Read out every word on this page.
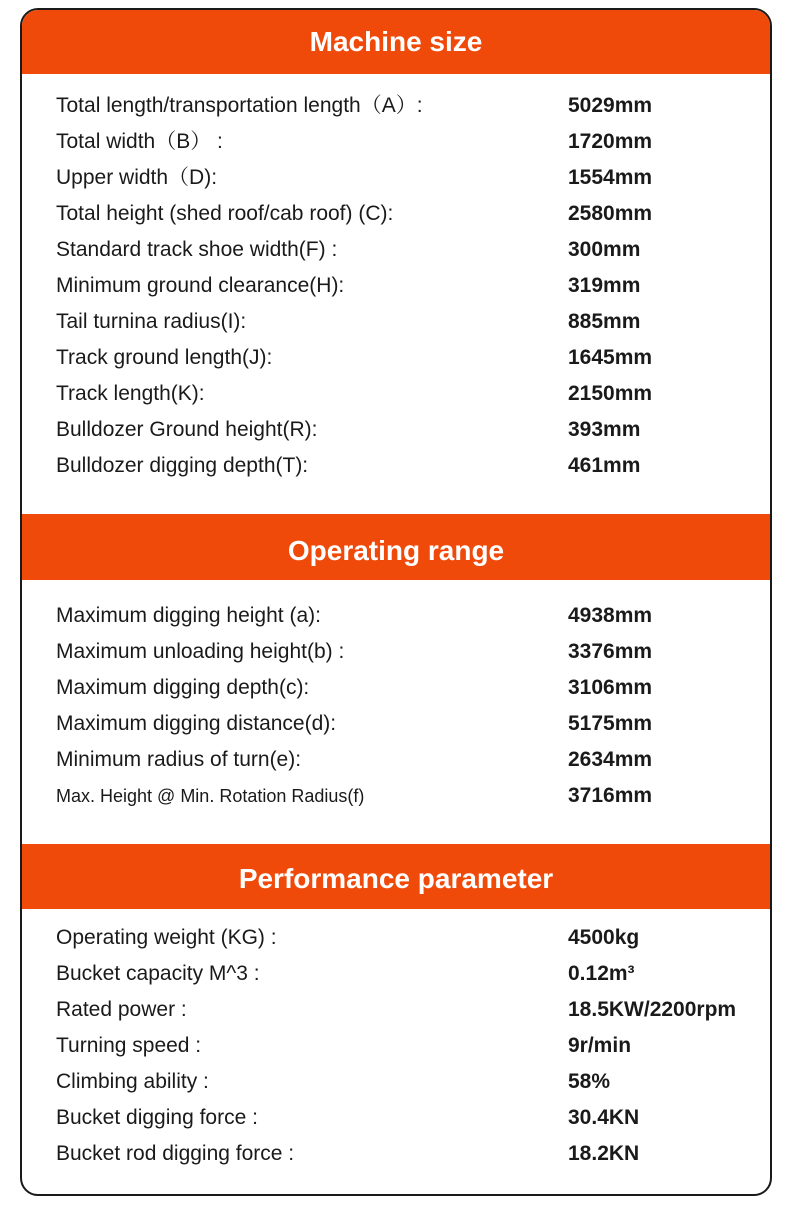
Machine size
Total length/transportation length（A）:	5029mm
Total width（B） :	1720mm
Upper width（D):	1554mm
Total height (shed roof/cab roof) (C):	2580mm
Standard track shoe width(F) :	300mm
Minimum ground clearance(H):	319mm
Tail turnina radius(I):	885mm
Track ground length(J):	1645mm
Track length(K):	2150mm
Bulldozer Ground height(R):	393mm
Bulldozer digging depth(T):	461mm
Operating range
Maximum digging height (a):	4938mm
Maximum unloading height(b) :	3376mm
Maximum digging depth(c):	3106mm
Maximum digging distance(d):	5175mm
Minimum radius of turn(e):	2634mm
Max. Height @ Min. Rotation Radius(f)	3716mm
Performance parameter
Operating weight (KG) :	4500kg
Bucket capacity M^3 :	0.12m³
Rated power :	18.5KW/2200rpm
Turning speed :	9r/min
Climbing ability :	58%
Bucket digging force :	30.4KN
Bucket rod digging force :	18.2KN
